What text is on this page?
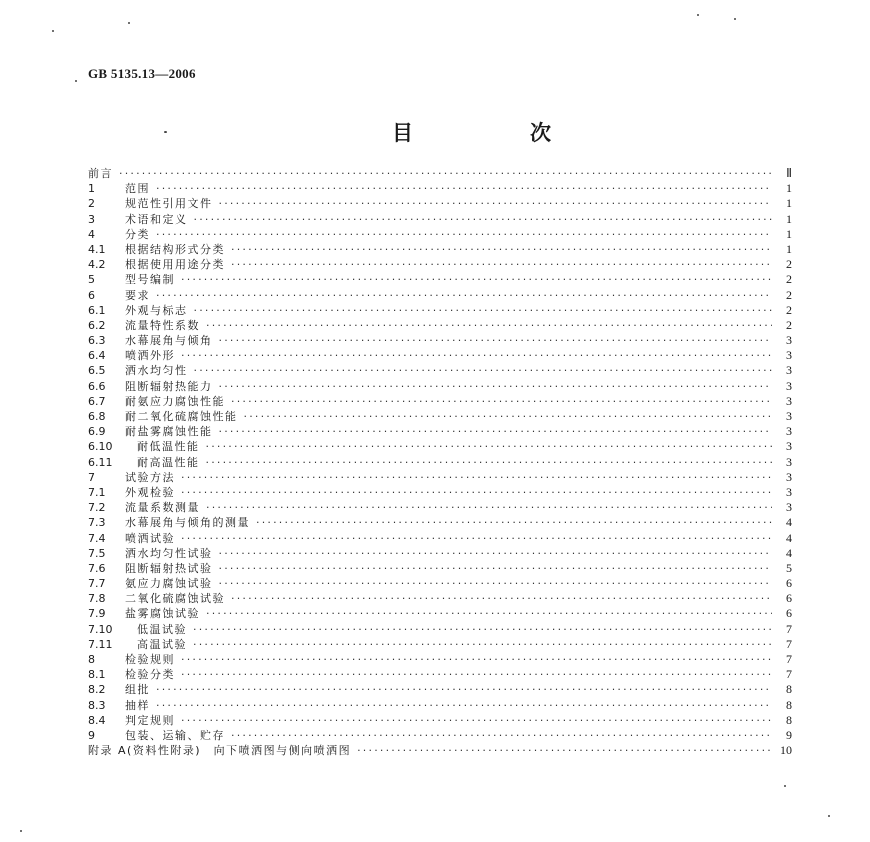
GB 5135.13—2006
目　次
前言 ·····	Ⅱ
1	范围 ·····	1
2	规范性引用文件 ·····	1
3	术语和定义 ·····	1
4	分类 ·····	1
4.1	根据结构形式分类 ·····	1
4.2	根据使用用途分类 ·····	2
5	型号编制 ·····	2
6	要求 ·····	2
6.1	外观与标志 ·····	2
6.2	流量特性系数 ·····	2
6.3	水幕展角与倾角 ·····	3
6.4	喷洒外形 ·····	3
6.5	洒水均匀性 ·····	3
6.6	阻断辐射热能力 ·····	3
6.7	耐氨应力腐蚀性能 ·····	3
6.8	耐二氧化硫腐蚀性能 ·····	3
6.9	耐盐雾腐蚀性能 ·····	3
6.10	耐低温性能 ·····	3
6.11	耐高温性能 ·····	3
7	试验方法 ·····	3
7.1	外观检验 ·····	3
7.2	流量系数测量 ·····	3
7.3	水幕展角与倾角的测量 ·····	4
7.4	喷洒试验 ·····	4
7.5	洒水均匀性试验 ·····	4
7.6	阻断辐射热试验 ·····	5
7.7	氨应力腐蚀试验 ·····	6
7.8	二氧化硫腐蚀试验 ·····	6
7.9	盐雾腐蚀试验 ·····	6
7.10	低温试验 ·····	7
7.11	高温试验 ·····	7
8	检验规则 ·····	7
8.1	检验分类 ·····	7
8.2	组批 ·····	8
8.3	抽样 ·····	8
8.4	判定规则 ·····	8
9	包装、运输、贮存 ·····	9
附录 A(资料性附录)　向下喷洒图与侧向喷洒图 ·····	10
